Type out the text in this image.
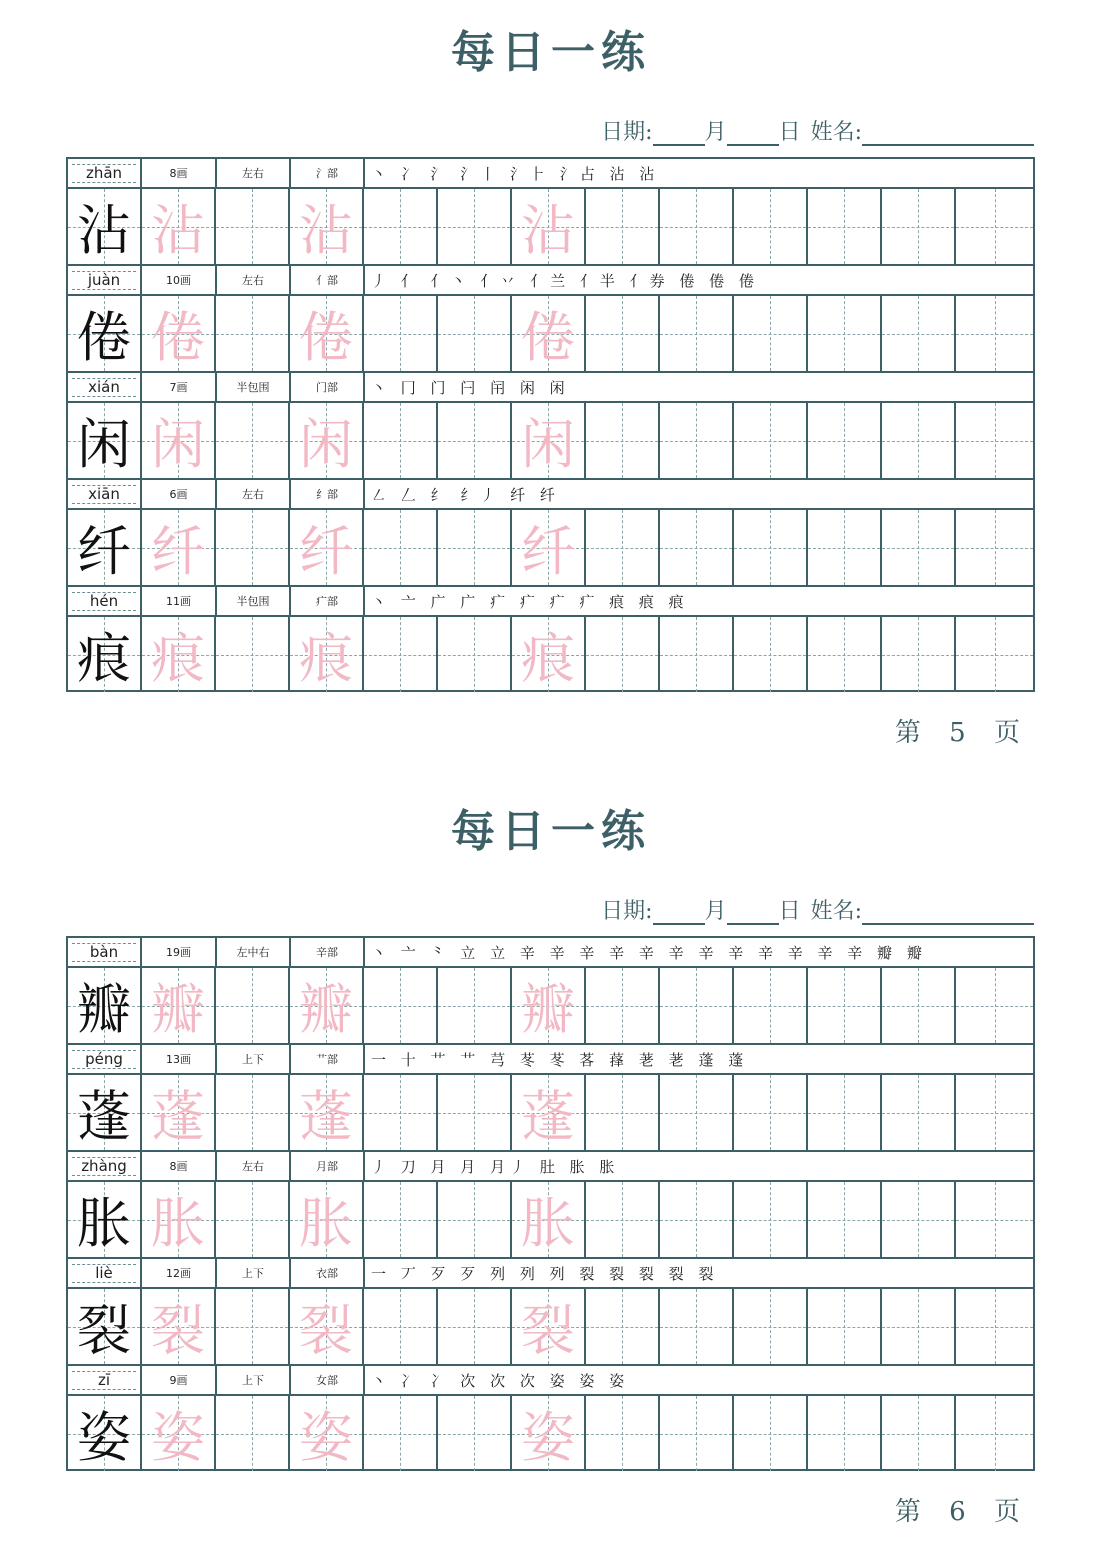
每日一练
日期: 月 日 姓名:
zhān	8画	左右	氵部	丶 冫 氵 氵丨 氵⺊ 氵占 沾 沾
沾 沾 沾	沾
juàn	10画	左右	亻部	丿 亻 亻丶 亻丷 亻兰 亻半 亻券 倦 倦 倦
倦 倦 倦	倦
xián	7画	半包围	门部	丶 冂 门 闩 闬 闲 闲
闲 闲 闲	闲
xiān	6画	左右	纟部	㇜ 𠃋 纟 纟丿 纤 纤
纤 纤 纤	纤
hén	11画	半包围	疒部	丶 亠 广 广 疒 疒 疒 疒 痕 痕 痕
痕 痕 痕	痕
第 5 页
每日一练
日期: 月 日 姓名:
bàn	19画	左中右	辛部	丶 亠 ⺀ 立 立 辛 辛 辛 辛 辛 辛 辛 辛 辛 辛 辛 辛 瓣 瓣
瓣 瓣 瓣	瓣
péng	13画	上下	艹部	一 十 艹 艹 芎 苳 苳 茖 萚 荖 荖 蓬 蓬
蓬 蓬 蓬	蓬
zhàng	8画	左右	月部	丿 刀 月 月 月丿 肚 胀 胀
胀 胀 胀	胀
liè	12画	上下	衣部	一 丆 歹 歹 列 列 列 裂 裂 裂 裂 裂
裂 裂 裂	裂
zī	9画	上下	女部	丶 冫 冫 次 次 次 姿 姿 姿
姿 姿 姿	姿
第 6 页
